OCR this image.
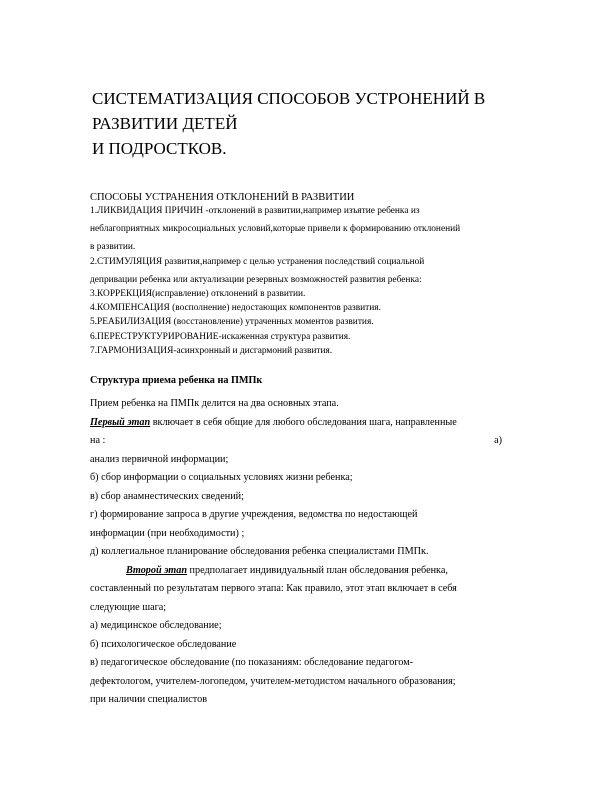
СИСТЕМАТИЗАЦИЯ СПОСОБОВ УСТРОНЕНИЙ В
РАЗВИТИИ ДЕТЕЙ
И ПОДРОСТКОВ.
СПОСОБЫ УСТРАНЕНИЯ ОТКЛОНЕНИЙ В РАЗВИТИИ
1.ЛИКВИДАЦИЯ ПРИЧИН -отклонений в развитии,например изъятие ребенка из
неблагоприятных микросоциальных условий,которые привели к формированию отклонений
в развитии.
2.СТИМУЛЯЦИЯ развития,например с целью устранения последствий социальной
депривации ребенка или актуализации резервных возможностей развития ребенка:
3.КОРРЕКЦИЯ(исправление) отклонений в развитии.
4.КОМПЕНСАЦИЯ (восполнение) недостающих компонентов развития.
5.РЕАБИЛИЗАЦИЯ (восстановление) утраченных моментов развития.
6.ПЕРЕСТРУКТУРИРОВАНИЕ-искаженная структура развития.
7.ГАРМОНИЗАЦИЯ-асинхронный и дисгармоний развития.
Структура приема ребенка на ПМПк
Прием ребенка на ПМПк делится на два основных этапа.
Первый этап включает в себя общие для любого обследования шага, направленные
на :	а)
анализ первичной информации;
б) сбор информации о социальных условиях жизни ребенка;
в) сбор анамнестических сведений;
г) формирование запроса в другие учреждения, ведомства по недостающей
информации (при необходимости) ;
д) коллегиальное планирование обследования ребенка специалистами ПМПк.
Второй этап предполагает индивидуальный план обследования ребенка,
составленный по результатам первого этапа: Как правило, этот этап включает в себя
следующие шага;
а) медицинское обследование;
б) психологическое обследование
в) педагогическое обследование (по показаниям: обследование педагогом-
дефектологом, учителем-логопедом, учителем-методистом начального образования;
при наличии специалистов
